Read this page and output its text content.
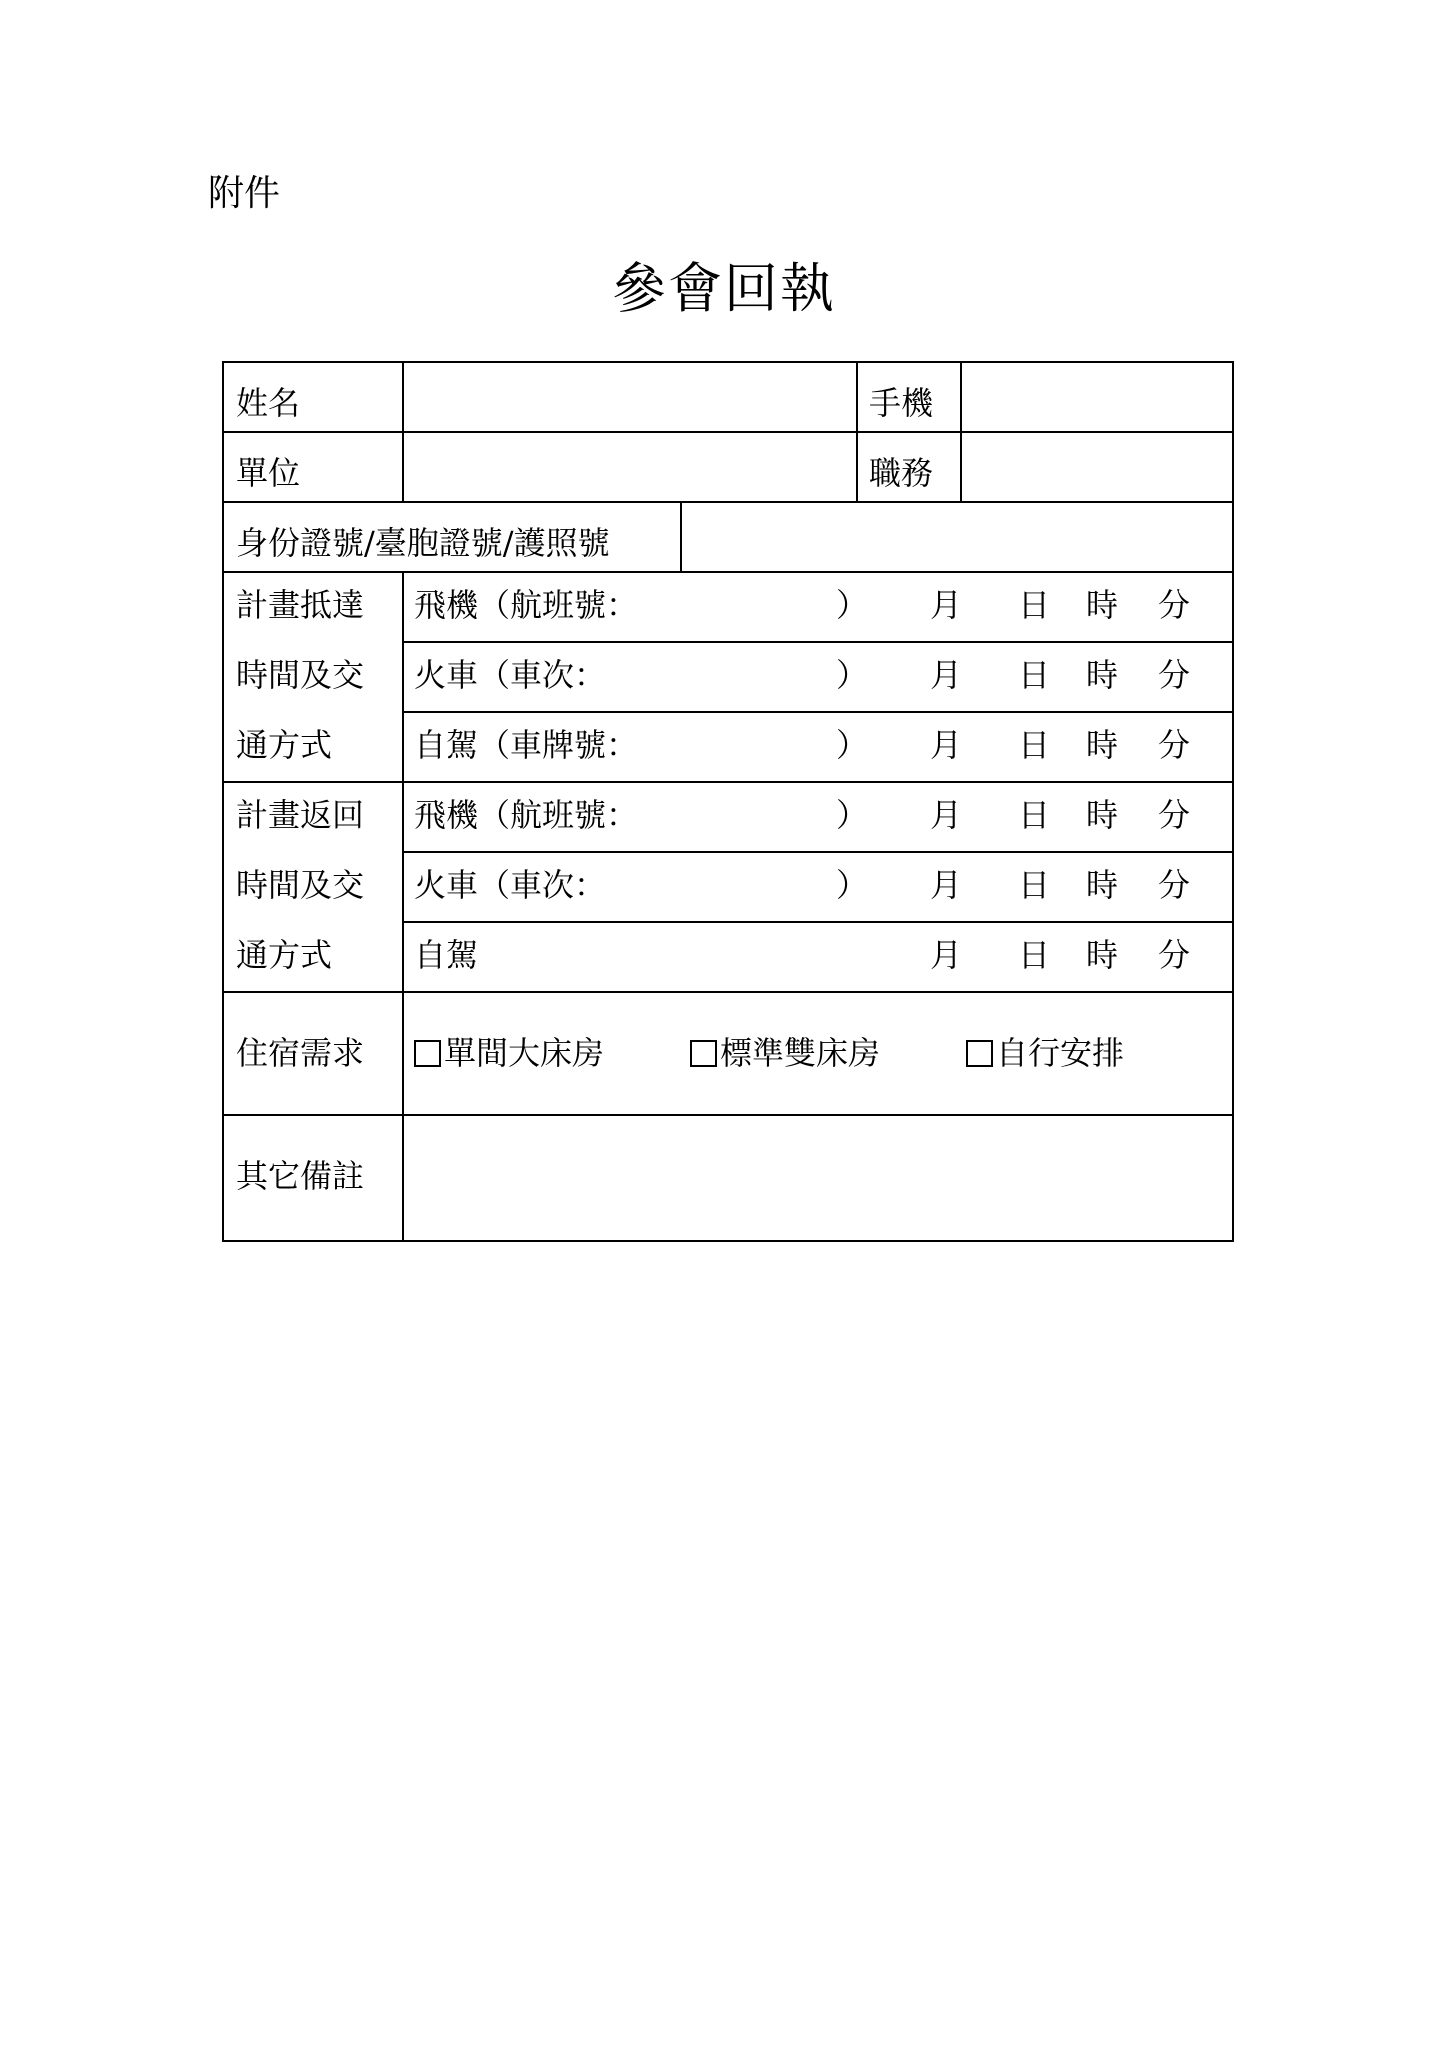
附件
參會回執
姓名	手機
單位	職務
身份證號/臺胞證號/護照號
計畫抵達
時間及交
通方式
飛機（航班號：	） 月 日 時 分
火車（車次：	） 月 日 時 分
自駕（車牌號：	） 月 日 時 分
計畫返回
時間及交
通方式
飛機（航班號：	） 月 日 時 分
火車（車次：	） 月 日 時 分
自駕	月 日 時 分
住宿需求	單間大床房	標準雙床房	自行安排
其它備註
